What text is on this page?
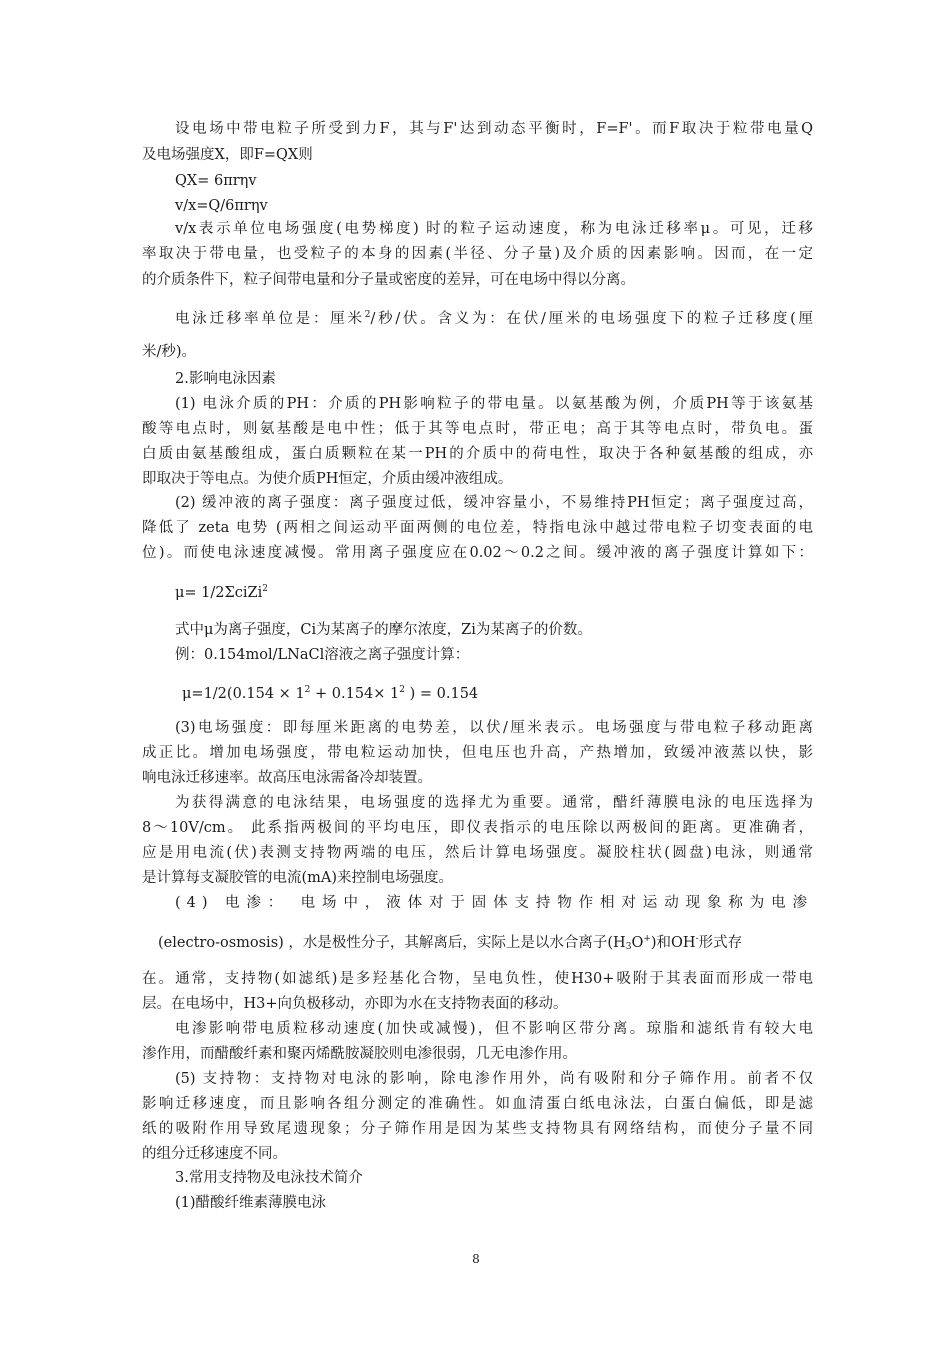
设电场中带电粒子所受到力F，其与F'达到动态平衡时，F=F'。而F取决于粒带电量Q
及电场强度X，即F=QX则
QX= 6πrηv
v/x=Q/6πrηv
v/x表示单位电场强度(电势梯度) 时的粒子运动速度，称为电泳迁移率μ。可见，迁移
率取决于带电量，也受粒子的本身的因素(半径、分子量)及介质的因素影响。因而，在一定
的介质条件下，粒子间带电量和分子量或密度的差异，可在电场中得以分离。
电泳迁移率单位是：厘米$^2$/秒/伏。含义为：在伏/厘米的电场强度下的粒子迁移度(厘
米/秒)。
2.影响电泳因素
(1) 电泳介质的PH：介质的PH影响粒子的带电量。以氨基酸为例，介质PH等于该氨基
酸等电点时，则氨基酸是电中性；低于其等电点时，带正电；高于其等电点时，带负电。蛋
白质由氨基酸组成，蛋白质颗粒在某一PH的介质中的荷电性，取决于各种氨基酸的组成，亦
即取决于等电点。为使介质PH恒定，介质由缓冲液组成。
(2) 缓冲液的离子强度：离子强度过低，缓冲容量小，不易维持PH恒定；离子强度过高，
降低了 zeta 电势 (两相之间运动平面两侧的电位差，特指电泳中越过带电粒子切变表面的电
位)。而使电泳速度减慢。常用离子强度应在0.02～0.2之间。缓冲液的离子强度计算如下：
μ= 1/2ΣciZi$^2$
式中μ为离子强度，Ci为某离子的摩尔浓度，Zi为某离子的价数。
例：0.154mol/LNaCl溶液之离子强度计算：
$\mu=1/2(0.154 \times 1^2 + 0.154\times 1^2$ ) = 0.154
(3)电场强度：即每厘米距离的电势差，以伏/厘米表示。电场强度与带电粒子移动距离
成正比。增加电场强度，带电粒运动加快，但电压也升高，产热增加，致缓冲液蒸以快，影
响电泳迁移速率。故高压电泳需备冷却装置。
为获得满意的电泳结果，电场强度的选择尤为重要。通常，醋纤薄膜电泳的电压选择为
8～10V/cm。 此系指两极间的平均电压，即仪表指示的电压除以两极间的距离。更准确者，
应是用电流(伏)表测支持物两端的电压，然后计算电场强度。凝胶柱状(圆盘)电泳，则通常
是计算每支凝胶管的电流(mA)来控制电场强度。
(4) 电渗： 电场中，液体对于固体支持物作相对运动现象称为电渗
(electro-osmosis) ，水是极性分子，其解离后，实际上是以水合离子$(H_3O^+)$和OH-形式存
在。通常，支持物(如滤纸)是多羟基化合物，呈电负性，使H30+吸附于其表面而形成一带电
层。在电场中，H3+向负极移动，亦即为水在支持物表面的移动。
电渗影响带电质粒移动速度(加快或减慢)，但不影响区带分离。琼脂和滤纸肯有较大电
渗作用，而醋酸纤素和聚丙烯酰胺凝胶则电渗很弱，几无电渗作用。
(5) 支持物：支持物对电泳的影响，除电渗作用外，尚有吸附和分子筛作用。前者不仅
影响迁移速度，而且影响各组分测定的准确性。如血清蛋白纸电泳法，白蛋白偏低，即是滤
纸的吸附作用导致尾遗现象；分子筛作用是因为某些支持物具有网络结构，而使分子量不同
的组分迁移速度不同。
3.常用支持物及电泳技术简介
(1)醋酸纤维素薄膜电泳
8
